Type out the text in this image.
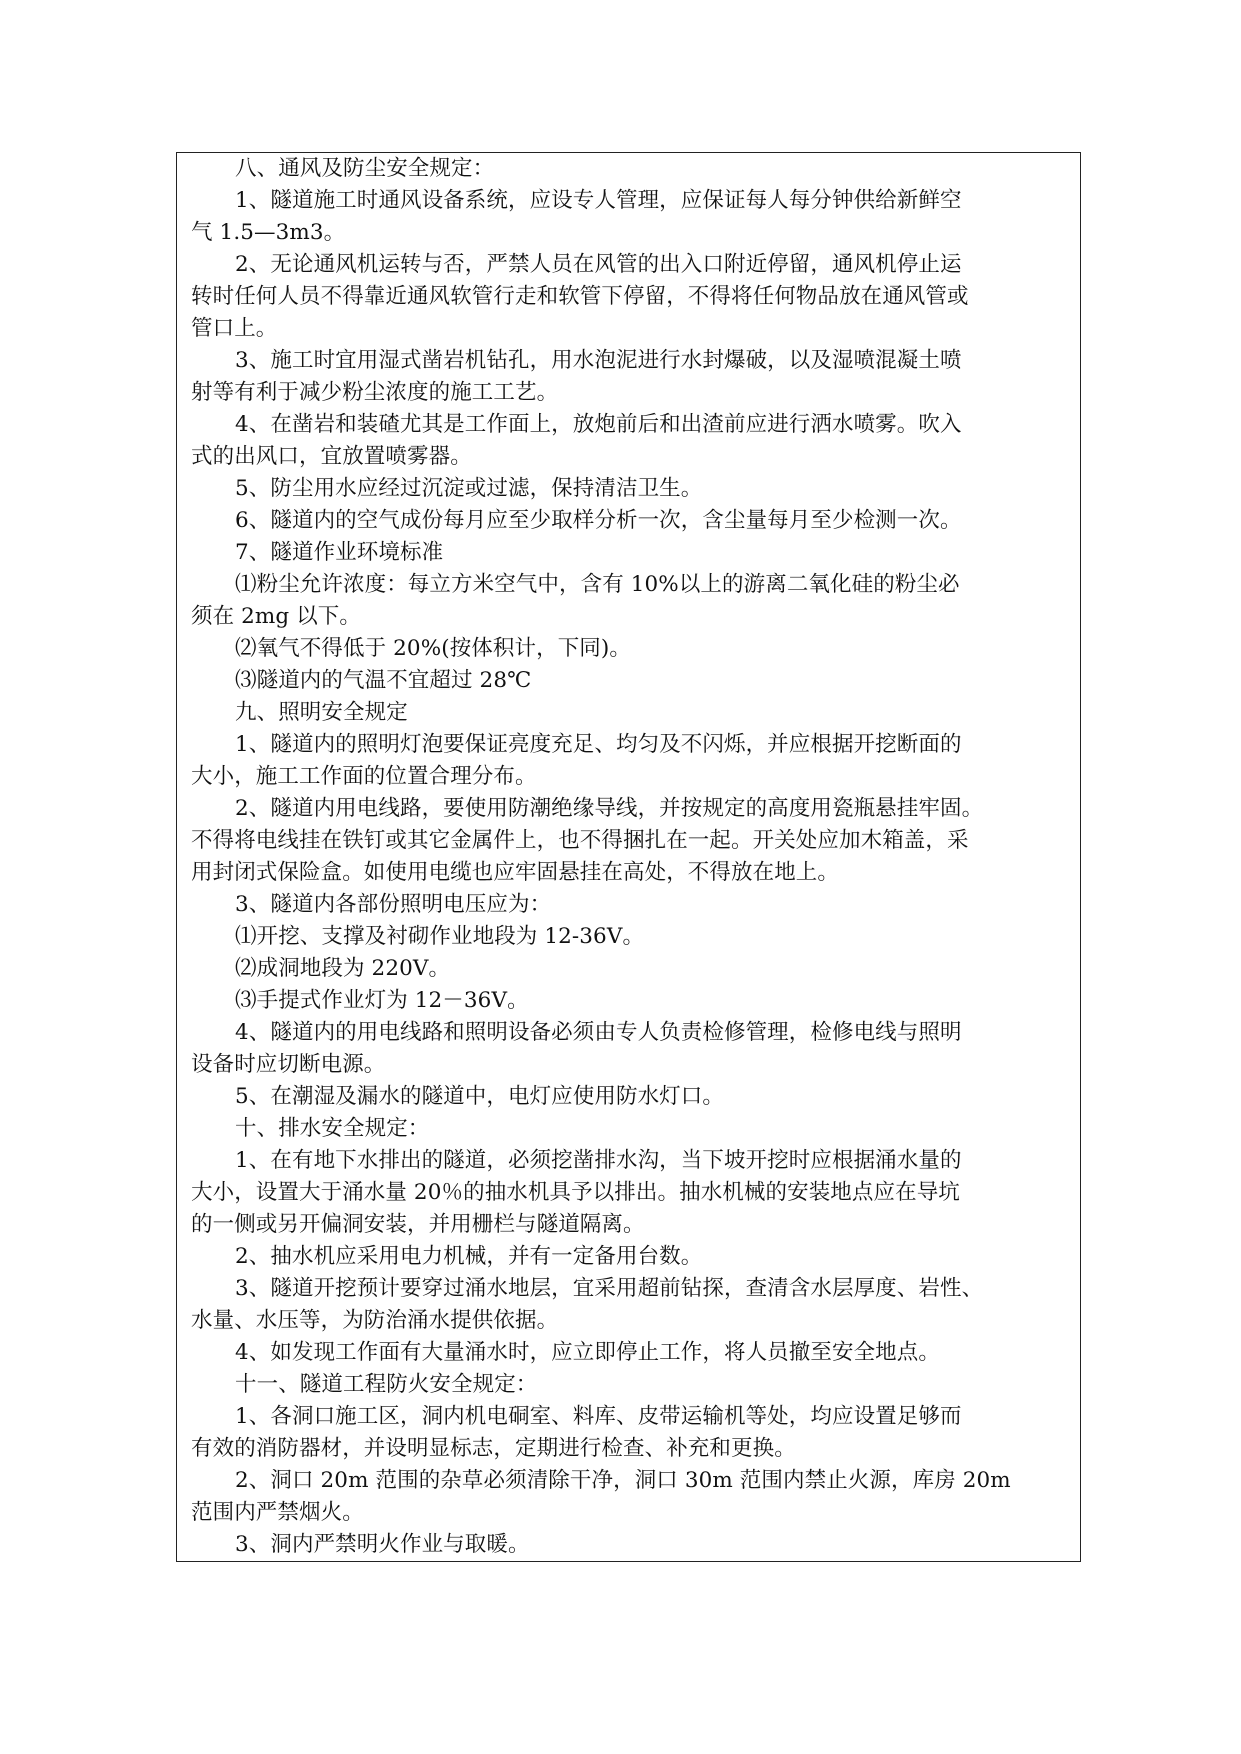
八、通风及防尘安全规定：
1、隧道施工时通风设备系统，应设专人管理，应保证每人每分钟供给新鲜空
气 1.5—3m3。
2、无论通风机运转与否，严禁人员在风管的出入口附近停留，通风机停止运
转时任何人员不得靠近通风软管行走和软管下停留，不得将任何物品放在通风管或
管口上。
3、施工时宜用湿式凿岩机钻孔，用水泡泥进行水封爆破，以及湿喷混凝土喷
射等有利于减少粉尘浓度的施工工艺。
4、在凿岩和装碴尤其是工作面上，放炮前后和出渣前应进行洒水喷雾。吹入
式的出风口，宜放置喷雾器。
5、防尘用水应经过沉淀或过滤，保持清洁卫生。
6、隧道内的空气成份每月应至少取样分析一次，含尘量每月至少检测一次。
7、隧道作业环境标准
⑴粉尘允许浓度：每立方米空气中，含有 10%以上的游离二氧化硅的粉尘必
须在 2mg 以下。
⑵氧气不得低于 20%(按体积计，下同)。
⑶隧道内的气温不宜超过 28℃
九、照明安全规定
1、隧道内的照明灯泡要保证亮度充足、均匀及不闪烁，并应根据开挖断面的
大小，施工工作面的位置合理分布。
2、隧道内用电线路，要使用防潮绝缘导线，并按规定的高度用瓷瓶悬挂牢固。
不得将电线挂在铁钉或其它金属件上，也不得捆扎在一起。开关处应加木箱盖，采
用封闭式保险盒。如使用电缆也应牢固悬挂在高处，不得放在地上。
3、隧道内各部份照明电压应为：
⑴开挖、支撑及衬砌作业地段为 12-36V。
⑵成洞地段为 220V。
⑶手提式作业灯为 12－36V。
4、隧道内的用电线路和照明设备必须由专人负责检修管理，检修电线与照明
设备时应切断电源。
5、在潮湿及漏水的隧道中，电灯应使用防水灯口。
十、排水安全规定：
1、在有地下水排出的隧道，必须挖凿排水沟，当下坡开挖时应根据涌水量的
大小，设置大于涌水量 20％的抽水机具予以排出。抽水机械的安装地点应在导坑
的一侧或另开偏洞安装，并用栅栏与隧道隔离。
2、抽水机应采用电力机械，并有一定备用台数。
3、隧道开挖预计要穿过涌水地层，宜采用超前钻探，查清含水层厚度、岩性、
水量、水压等，为防治涌水提供依据。
4、如发现工作面有大量涌水时，应立即停止工作，将人员撤至安全地点。
十一、隧道工程防火安全规定：
1、各洞口施工区，洞内机电硐室、料库、皮带运输机等处，均应设置足够而
有效的消防器材，并设明显标志，定期进行检查、补充和更换。
2、洞口 20m 范围的杂草必须清除干净，洞口 30m 范围内禁止火源，库房 20m
范围内严禁烟火。
3、洞内严禁明火作业与取暖。
